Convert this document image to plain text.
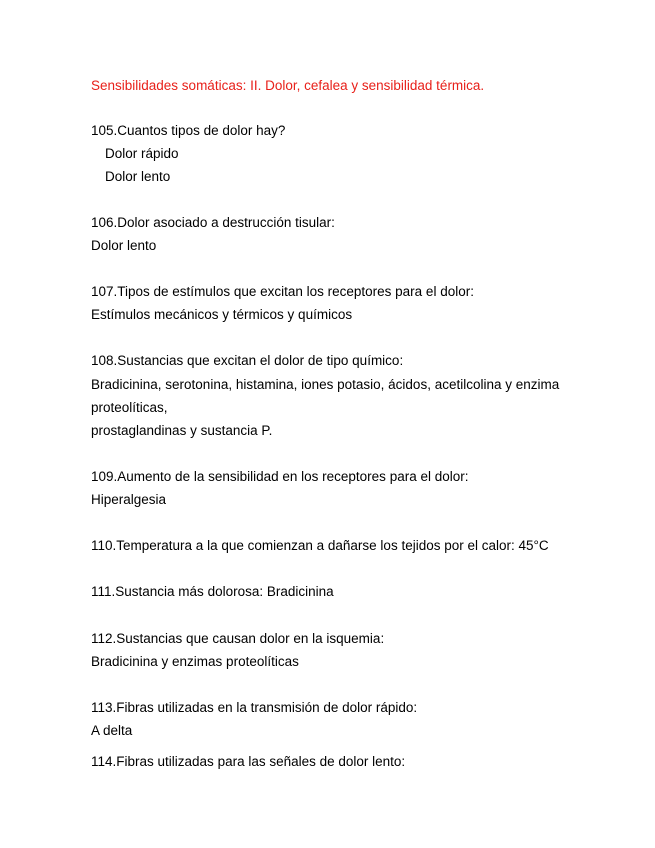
Sensibilidades somáticas: II. Dolor, cefalea y sensibilidad térmica.
105.Cuantos tipos de dolor hay?
Dolor rápido
Dolor lento
106.Dolor asociado a destrucción tisular:
Dolor lento
107.Tipos de estímulos que excitan los receptores para el dolor:
Estímulos mecánicos y térmicos y químicos
108.Sustancias que excitan el dolor de tipo químico:
Bradicinina, serotonina, histamina, iones potasio, ácidos, acetilcolina y enzima
proteolíticas,
prostaglandinas y sustancia P.
109.Aumento de la sensibilidad en los receptores para el dolor:
Hiperalgesia
110.Temperatura a la que comienzan a dañarse los tejidos por el calor: 45°C
111.Sustancia más dolorosa: Bradicinina
112.Sustancias que causan dolor en la isquemia:
Bradicinina y enzimas proteolíticas
113.Fibras utilizadas en la transmisión de dolor rápido:
A delta
114.Fibras utilizadas para las señales de dolor lento:
